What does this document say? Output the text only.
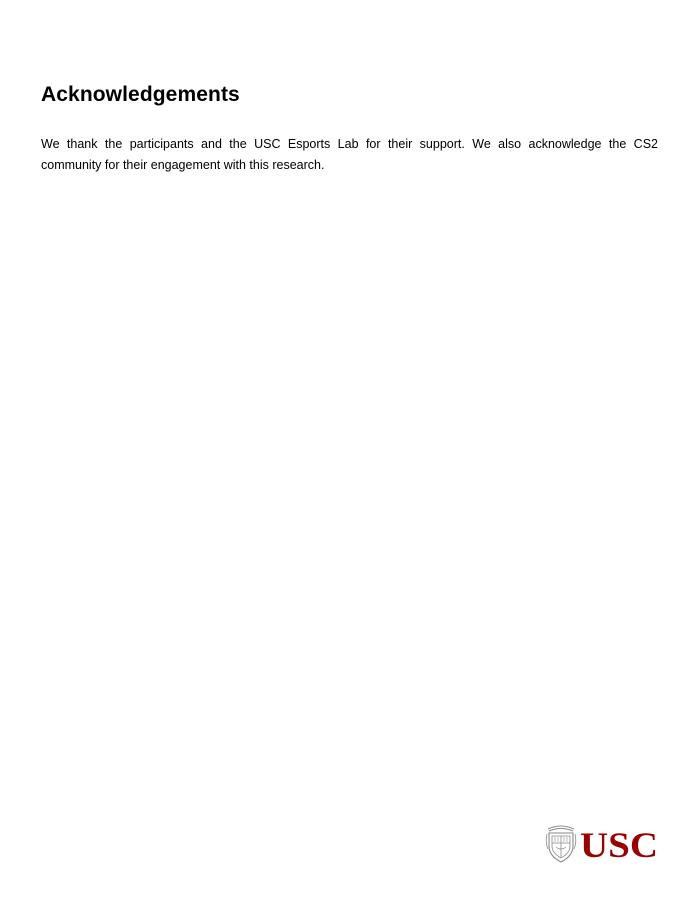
Acknowledgements

We thank the participants and the USC Esports Lab for their support. We also acknowledge the CS2 community for their engagement with this research.

USC
